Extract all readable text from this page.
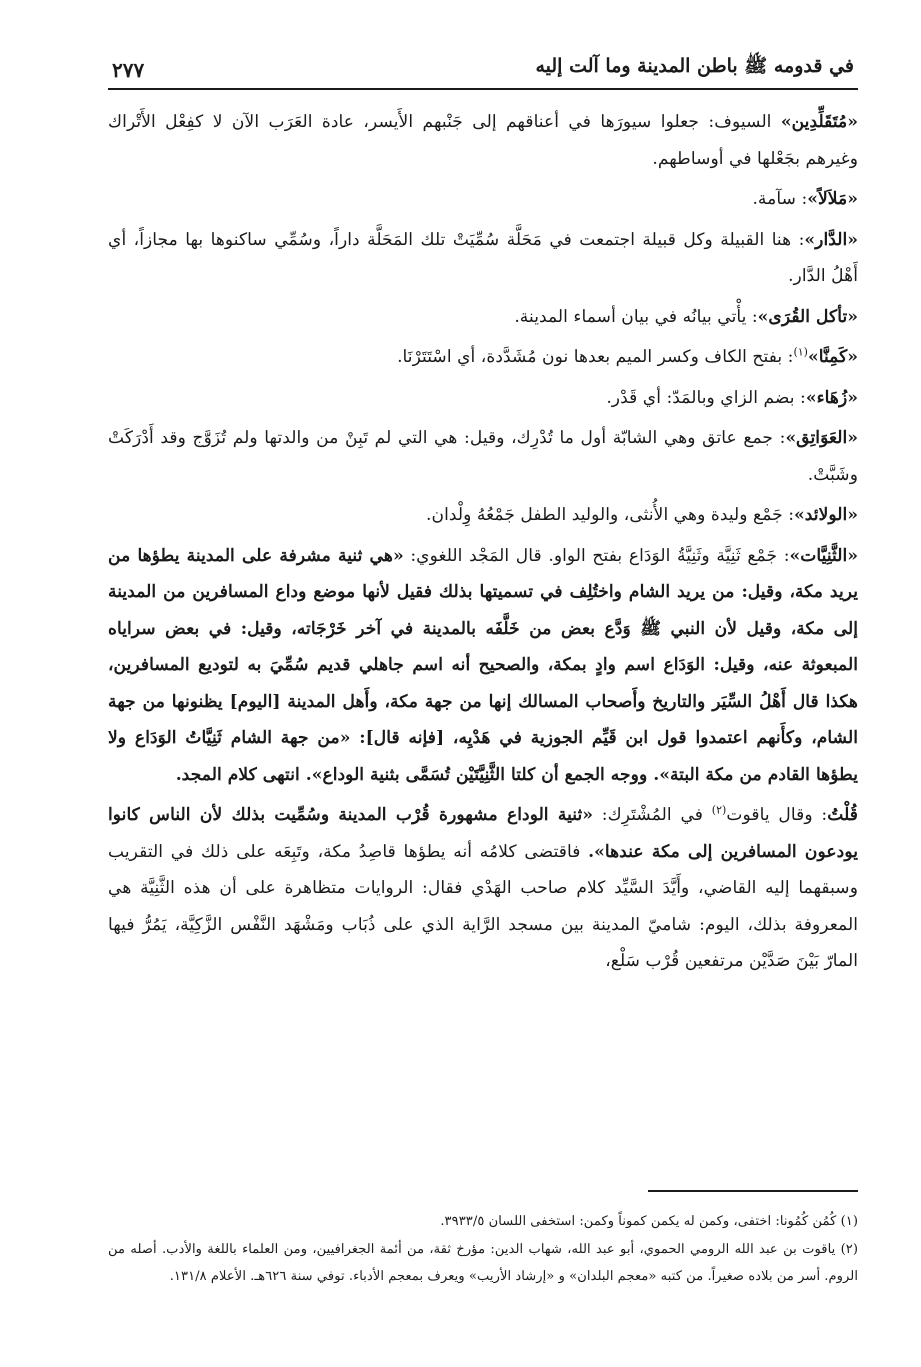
في قدومه ﷺ باطن المدينة وما آلت إليه
٢٧٧

«مُتَقَلِّدِين» السيوف: جعلوا سيورَها في أعناقهم إلى جَنْبهم الأَيسر، عادة العَرَب الآن لا كفِعْل الأَتْراك وغيرهم بجَعْلها في أوساطهم.

«مَلاَلاً»: سآمة.

«الدَّار»: هنا القبيلة وكل قبيلة اجتمعت في مَحَلَّة سُمِّيَتْ تلك المَحَلَّة داراً، وسُمِّي ساكنوها بها مجازاً، أي أَهْلُ الدَّار.

«تأكل القُرَى»: يأْتي بيانُه في بيان أسماء المدينة.

«كَمِنَّا»$^{(١)}$: بفتح الكاف وكسر الميم بعدها نون مُشَدَّدة، أي اسْتَتَرْنَا.

«زُهَاء»: بضم الزاي وبالمَدّ: أي قَدْر.

«العَوَاتِق»: جمع عاتق وهي الشابّة أول ما تُدْرِك، وقيل: هي التي لم تَبِنْ من والدتها ولم تُزَوَّج وقد أَدْرَكَتْ وشَبَّتْ.

«الولائد»: جَمْع وليدة وهي الأُنثى، والوليد الطفل جَمْعُهُ وِلْدان.

«الثَّنِيَّات»: جَمْع ثَنِيَّة وثَنِيَّةُ الوَدَاع بفتح الواو. قال المَجْد اللغوي: «هي ثنية مشرفة على المدينة يطؤها من يريد مكة، وقيل: من يريد الشام واختُلِف في تسميتها بذلك فقيل لأنها موضع وداع المسافرين من المدينة إلى مكة، وقيل لأن النبي ﷺ وَدَّع بعض من خَلَّفَه بالمدينة في آخر خَرْجَاته، وقيل: في بعض سراياه المبعوثة عنه، وقيل: الوَدَاع اسم وادٍ بمكة، والصحيح أنه اسم جاهلي قديم سُمِّيَ به لتوديع المسافرين، هكذا قال أَهْلُ السِّيَر والتاريخ وأَصحاب المسالك إنها من جهة مكة، وأَهل المدينة [اليوم] يظنونها من جهة الشام، وكأَنهم اعتمدوا قول ابن قَيِّم الجوزية في هَدْيِه، [فإنه قال]: «من جهة الشام ثَنِيَّاتُ الوَدَاع ولا يطؤها القادم من مكة البتة». ووجه الجمع أن كلتا الثَّنِيَّتَيْن تُسَمَّى بثنية الوداع». انتهى كلام المجد.

قُلْتُ: وقال ياقوت$^{(٢)}$ في المُشْتَرِك: «ثنية الوداع مشهورة قُرْب المدينة وسُمِّيت بذلك لأن الناس كانوا يودعون المسافرين إلى مكة عندها». فاقتضى كلامُه أنه يطؤها قاصِدُ مكة، وتَبِعَه على ذلك في التقريب وسبقهما إليه القاضي، وأَيَّدَ السَّيِّد كلام صاحب الهَدْي فقال: الروايات متظاهرة على أن هذه الثَّنِيَّة هي المعروفة بذلك، اليوم: شاميّ المدينة بين مسجد الرَّاية الذي على ذُبَاب ومَشْهَد النَّفْس الزَّكِيَّة، يَمُرُّ فيها المارّ بَيْنَ صَدَّيْن مرتفعين قُرْب سَلْع،

(١) كُمُن كُمُونا: اختفى، وكمن له يكمن كموناً وكمن: استخفى اللسان ٣٩٣٣/٥.

(٢) ياقوت بن عبد الله الرومي الحموي، أبو عبد الله، شهاب الدين: مؤرخ ثقة، من أئمة الجغرافيين، ومن العلماء باللغة والأدب. أصله من الروم. أسر من بلاده صغيراً. من كتبه «معجم البلدان» و «إرشاد الأريب» ويعرف بمعجم الأدباء. توفي سنة ٦٢٦هـ. الأعلام ١٣١/٨.
